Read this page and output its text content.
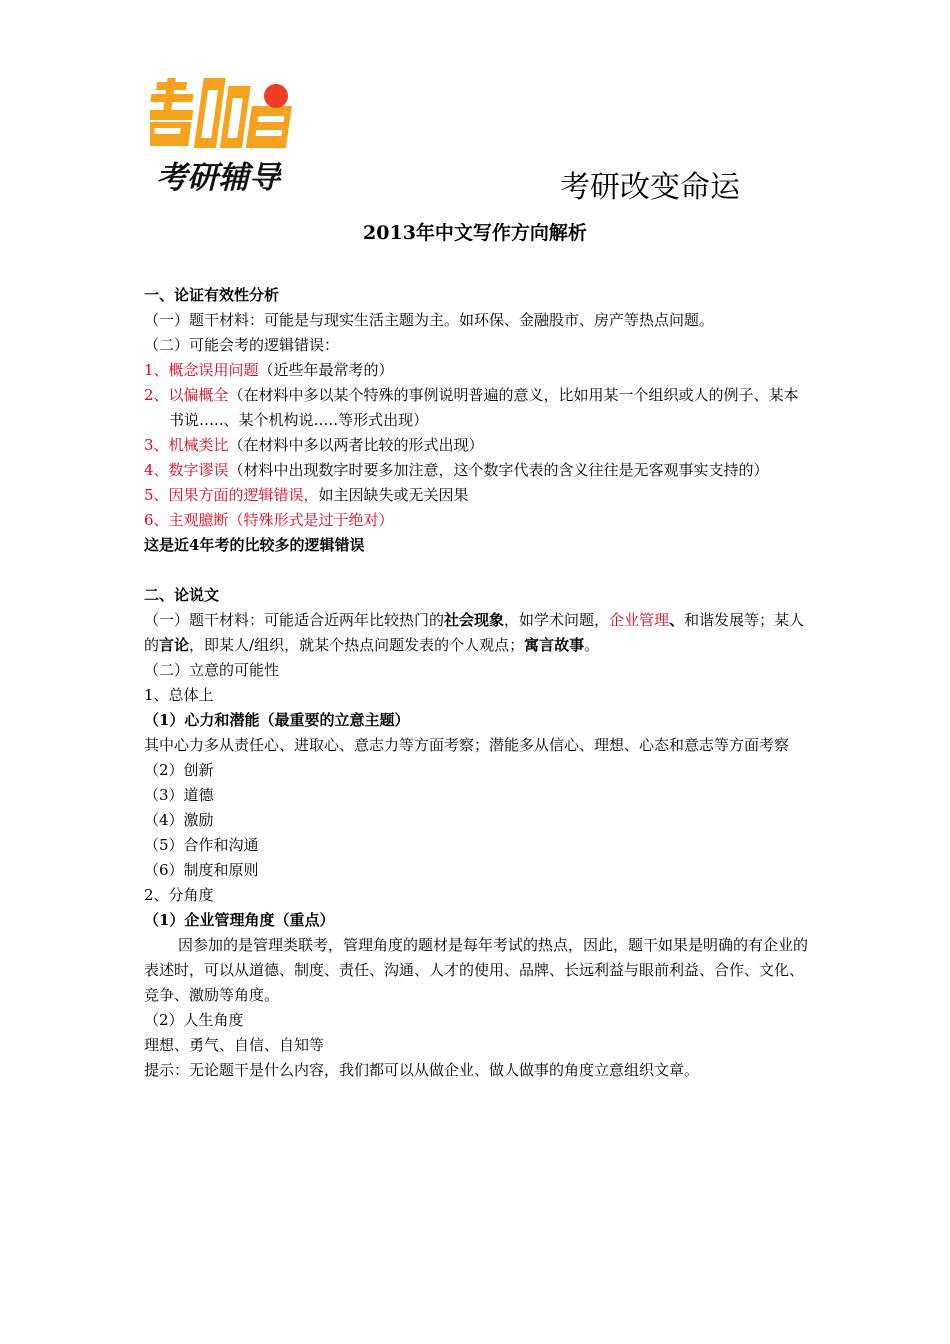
考研辅导	考研改变命运
2013年中文写作方向解析
一、论证有效性分析
（一）题干材料：可能是与现实生活主题为主。如环保、金融股市、房产等热点问题。
（二）可能会考的逻辑错误：
1、概念误用问题（近些年最常考的）
2、以偏概全（在材料中多以某个特殊的事例说明普遍的意义，比如用某一个组织或人的例子、某本书说…..、某个机构说…..等形式出现）
3、机械类比（在材料中多以两者比较的形式出现）
4、数字谬误（材料中出现数字时要多加注意，这个数字代表的含义往往是无客观事实支持的）
5、因果方面的逻辑错误，如主因缺失或无关因果
6、主观臆断（特殊形式是过于绝对）
这是近4年考的比较多的逻辑错误
二、论说文
（一）题干材料：可能适合近两年比较热门的社会现象，如学术问题，企业管理、和谐发展等；某人的言论，即某人/组织，就某个热点问题发表的个人观点；寓言故事。
（二）立意的可能性
1、总体上
（1）心力和潜能（最重要的立意主题）
其中心力多从责任心、进取心、意志力等方面考察；潜能多从信心、理想、心态和意志等方面考察
（2）创新
（3）道德
（4）激励
（5）合作和沟通
（6）制度和原则
2、分角度
（1）企业管理角度（重点）
因参加的是管理类联考，管理角度的题材是每年考试的热点，因此，题干如果是明确的有企业的表述时，可以从道德、制度、责任、沟通、人才的使用、品牌、长远利益与眼前利益、合作、文化、竞争、激励等角度。
（2）人生角度
理想、勇气、自信、自知等
提示：无论题干是什么内容，我们都可以从做企业、做人做事的角度立意组织文章。
